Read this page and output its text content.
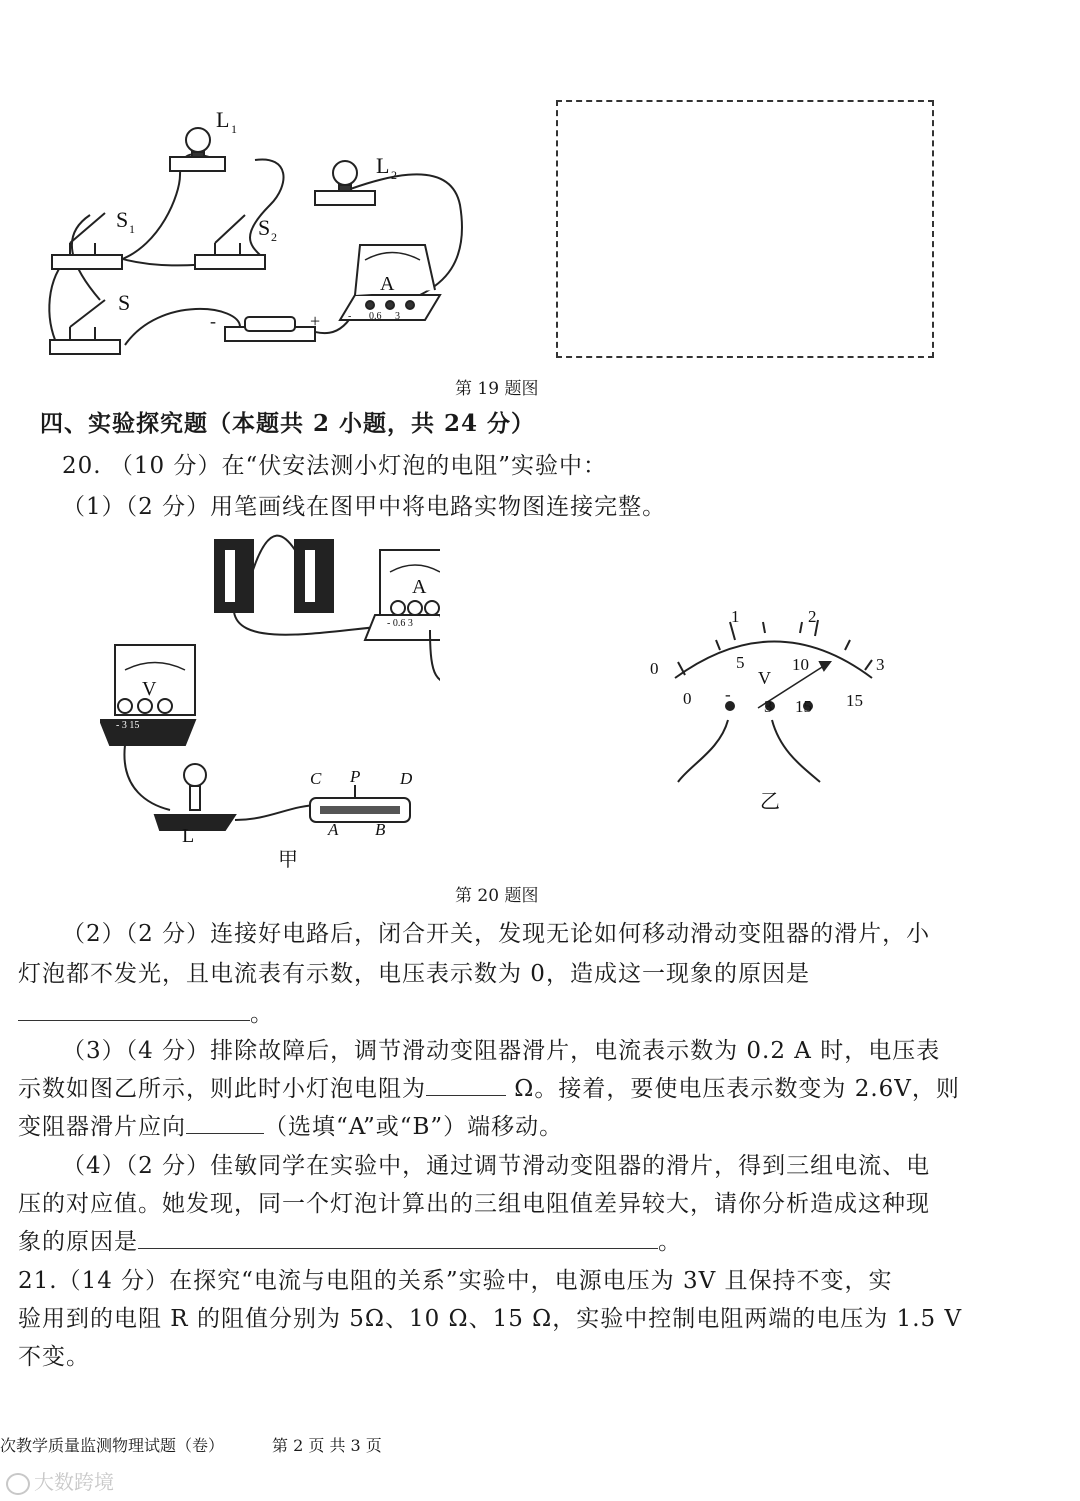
L 1
L 2
S 1	S 2
S
A
-	+	- 0.6 3
第 19 题图
四、实验探究题（本题共 2 小题，共 24 分）
20. （10 分）在“伏安法测小灯泡的电阻”实验中：
（1）（2 分）用笔画线在图甲中将电路实物图连接完整。
A
- 0.6 3
V
- 3 15
L
C P D
A B
甲
0
1	2
3
0
5	10
15
V
-
3 15
乙
第 20 题图
（2）（2 分）连接好电路后，闭合开关，发现无论如何移动滑动变阻器的滑片，小
灯泡都不发光，且电流表有示数，电压表示数为 0，造成这一现象的原因是
。
（3）（4 分）排除故障后，调节滑动变阻器滑片，电流表示数为 0.2 A 时，电压表
示数如图乙所示，则此时小灯泡电阻为	Ω。接着，要使电压表示数变为 2.6V，则
变阻器滑片应向	（选填“A”或“B”）端移动。
（4）（2 分）佳敏同学在实验中，通过调节滑动变阻器的滑片，得到三组电流、电
压的对应值。她发现，同一个灯泡计算出的三组电阻值差异较大，请你分析造成这种现
象的原因是	。
21.（14 分）在探究“电流与电阻的关系”实验中，电源电压为 3V 且保持不变，实
验用到的电阻 R 的阻值分别为 5Ω、10 Ω、15 Ω，实验中控制电阻两端的电压为 1.5 V
不变。
次教学质量监测物理试题（卷）	第 2 页 共 3 页
大数跨境
